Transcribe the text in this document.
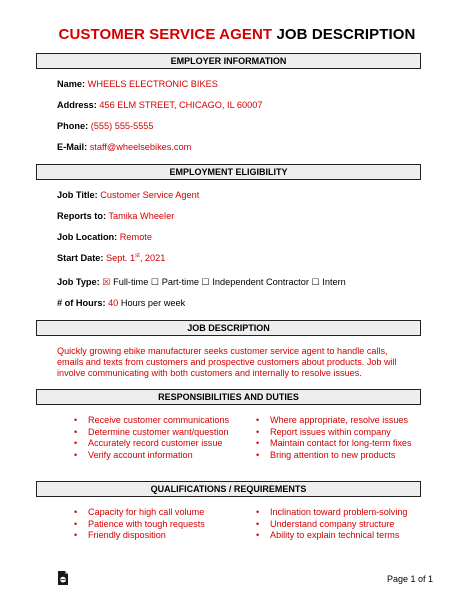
CUSTOMER SERVICE AGENT JOB DESCRIPTION
EMPLOYER INFORMATION
Name: WHEELS ELECTRONIC BIKES
Address: 456 ELM STREET, CHICAGO, IL 60007
Phone: (555) 555-5555
E-Mail: staff@wheelsebikes.com
EMPLOYMENT ELIGIBILITY
Job Title: Customer Service Agent
Reports to: Tamika Wheeler
Job Location: Remote
Start Date: Sept. 1st, 2021
Job Type: ☒ Full-time ☐ Part-time ☐ Independent Contractor ☐ Intern
# of Hours: 40 Hours per week
JOB DESCRIPTION
Quickly growing ebike manufacturer seeks customer service agent to handle calls, emails and texts from customers and prospective customers about products. Job will involve communicating with both customers and internally to resolve issues.
RESPONSIBILITIES AND DUTIES
• Receive customer communications
• Determine customer want/question
• Accurately record customer issue
• Verify account information
• Where appropriate, resolve issues
• Report issues within company
• Maintain contact for long-term fixes
• Bring attention to new products
QUALIFICATIONS / REQUIREMENTS
• Capacity for high call volume
• Patience with tough requests
• Friendly disposition
• Inclination toward problem-solving
• Understand company structure
• Ability to explain technical terms
Page 1 of 1
